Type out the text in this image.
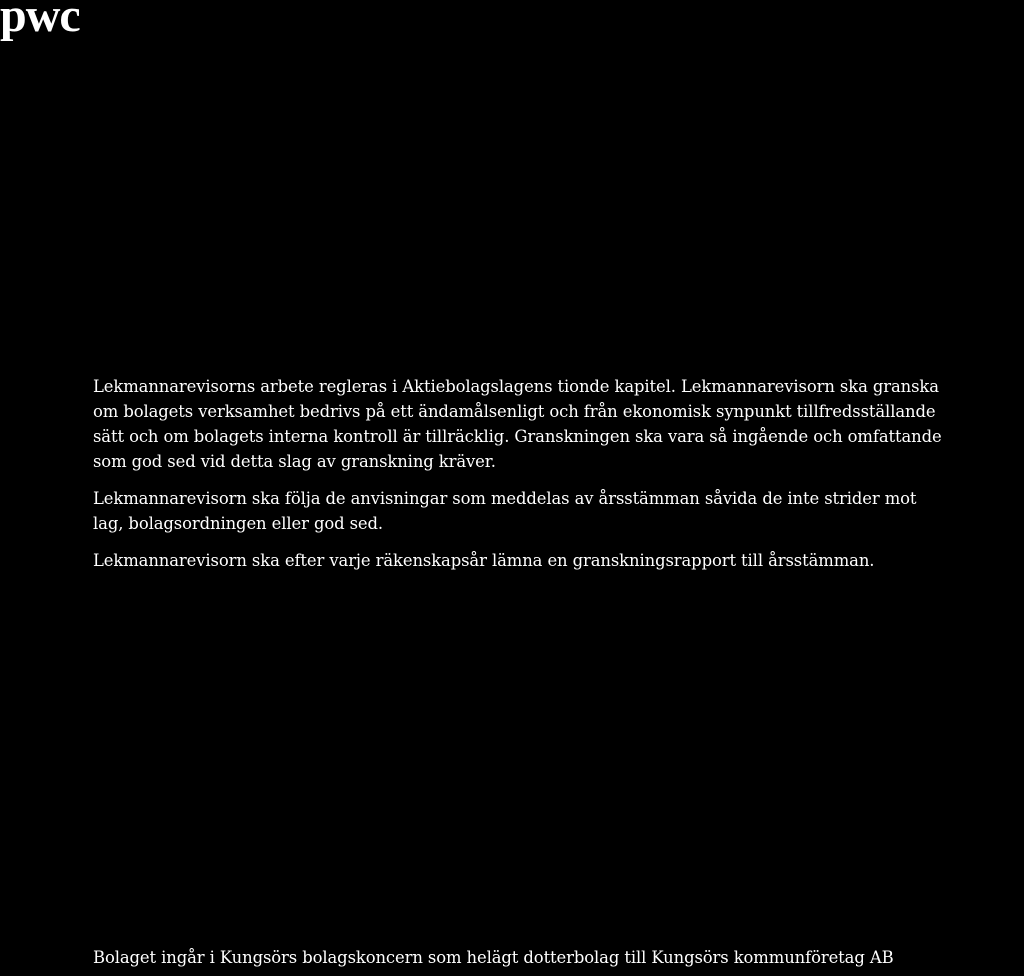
pwc

Lekmannarevisorns arbete regleras i Aktiebolagslagens tionde kapitel. Lekmannarevisorn ska granska
om bolagets verksamhet bedrivs på ett ändamålsenligt och från ekonomisk synpunkt tillfredsställande
sätt och om bolagets interna kontroll är tillräcklig. Granskningen ska vara så ingående och omfattande
som god sed vid detta slag av granskning kräver.

Lekmannarevisorn ska följa de anvisningar som meddelas av årsstämman såvida de inte strider mot
lag, bolagsordningen eller god sed.

Lekmannarevisorn ska efter varje räkenskapsår lämna en granskningsrapport till årsstämman.

Bolaget ingår i Kungsörs bolagskoncern som helägt dotterbolag till Kungsörs kommunföretag AB
